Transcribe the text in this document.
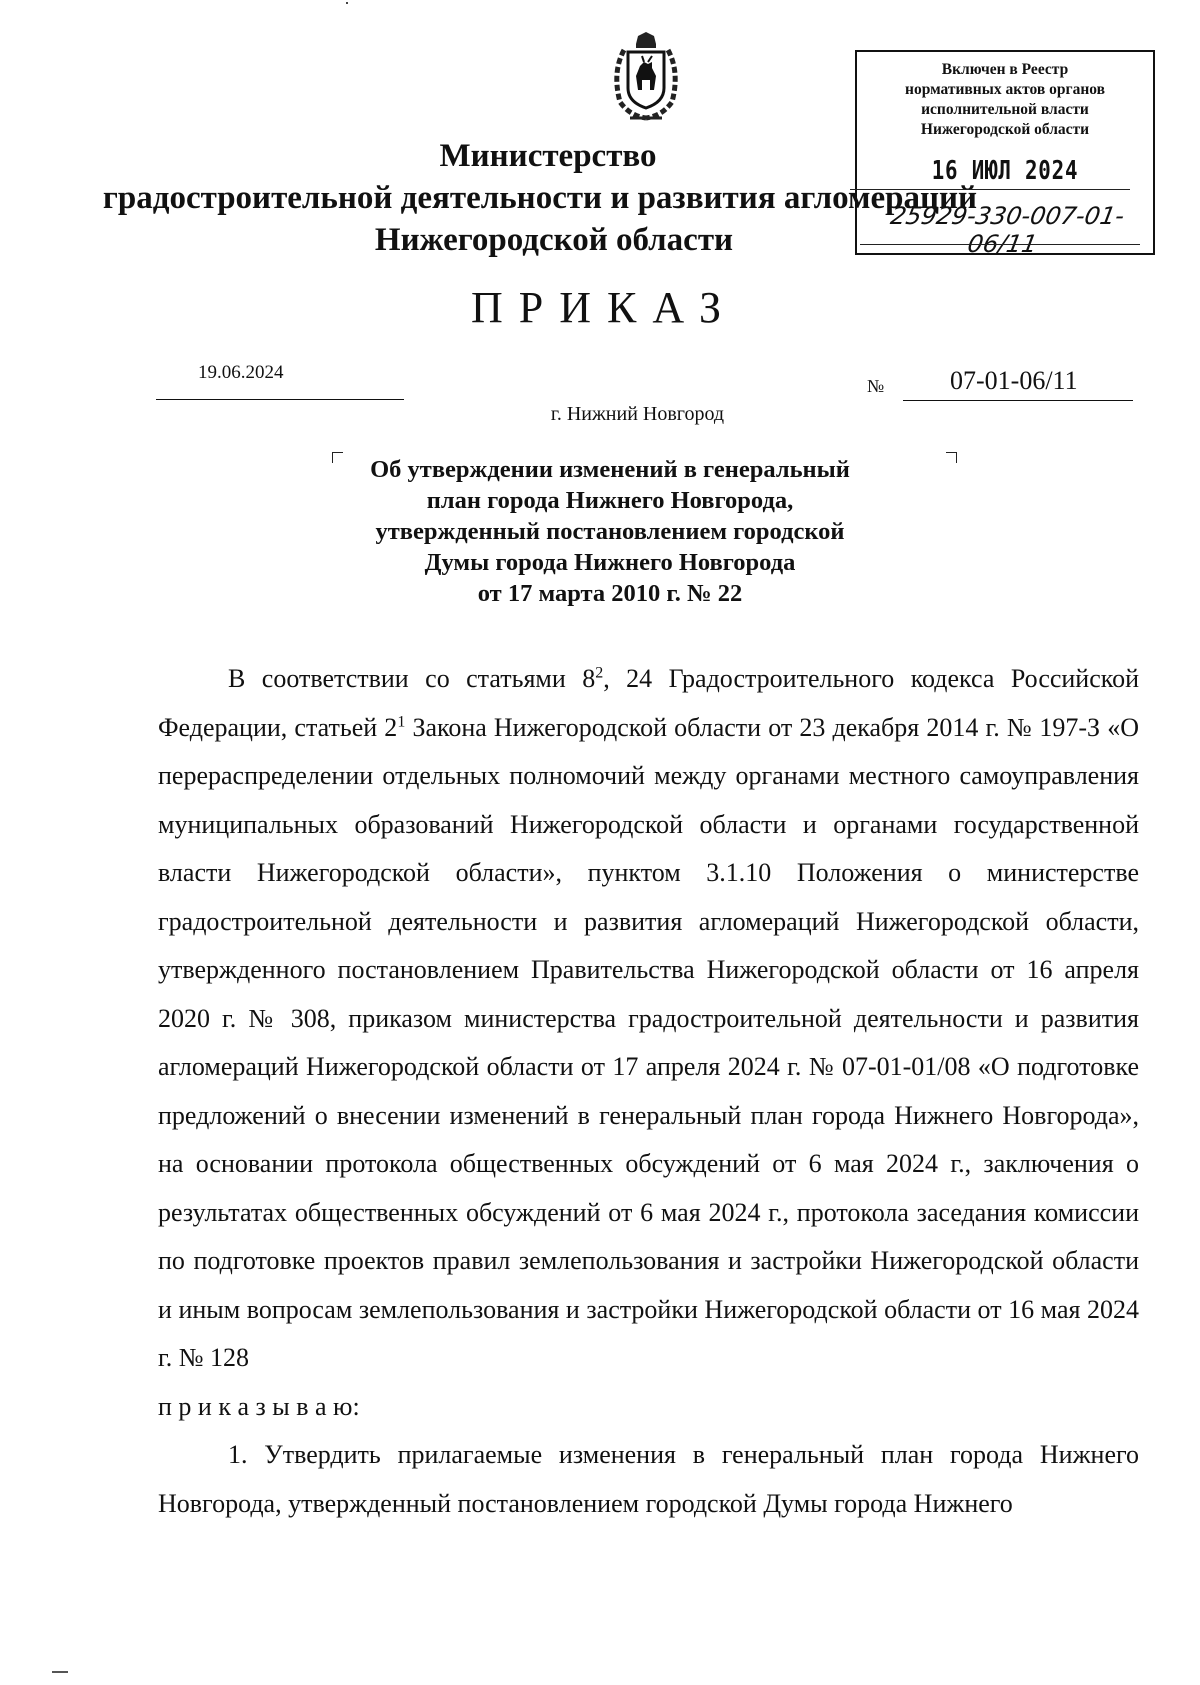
Министерство
градостроительной деятельности и развития агломераций
Нижегородской области
Включен в Реестр
нормативных актов органов
исполнительной власти
Нижегородской области
16 ИЮЛ 2024
25929-330-007-01-06/11
ПРИКАЗ
19.06.2024
№	07-01-06/11
г. Нижний Новгород
Об утверждении изменений в генеральный
план города Нижнего Новгорода,
утвержденный постановлением городской
Думы города Нижнего Новгорода
от 17 марта 2010 г. № 22

В соответствии со статьями $8^2$, 24 Градостроительного кодекса Российской Федерации, статьей $2^1$ Закона Нижегородской области от 23 декабря 2014 г. № 197-З «О перераспределении отдельных полномочий между органами местного самоуправления муниципальных образований Нижегородской области и органами государственной власти Нижегородской области», пунктом 3.1.10 Положения о министерстве градостроительной деятельности и развития агломераций Нижегородской области, утвержденного постановлением Правительства Нижегородской области от 16 апреля 2020 г. № 308, приказом министерства градостроительной деятельности и развития агломераций Нижегородской области от 17 апреля 2024 г. № 07-01-01/08 «О подготовке предложений о внесении изменений в генеральный план города Нижнего Новгорода», на основании протокола общественных обсуждений от 6 мая 2024 г., заключения о результатах общественных обсуждений от 6 мая 2024 г., протокола заседания комиссии по подготовке проектов правил землепользования и застройки Нижегородской области и иным вопросам землепользования и застройки Нижегородской области от 16 мая 2024 г. № 128

п р и к а з ы в а ю:

1. Утвердить прилагаемые изменения в генеральный план города Нижнего Новгорода, утвержденный постановлением городской Думы города Нижнего
